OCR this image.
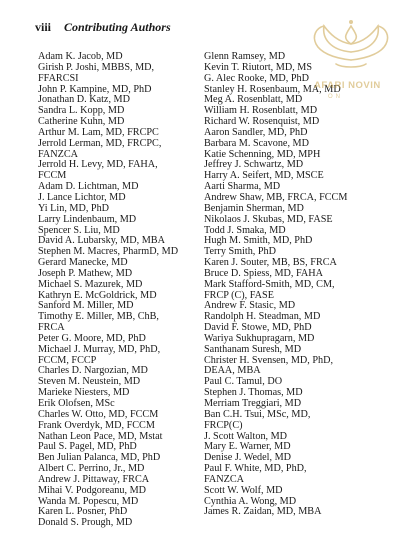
viii Contributing Authors
Adam K. Jacob, MD
Girish P. Joshi, MBBS, MD,
FFARCSI
John P. Kampine, MD, PhD
Jonathan D. Katz, MD
Sandra L. Kopp, MD
Catherine Kuhn, MD
Arthur M. Lam, MD, FRCPC
Jerrold Lerman, MD, FRCPC,
FANZCA
Jerrold H. Levy, MD, FAHA,
FCCM
Adam D. Lichtman, MD
J. Lance Lichtor, MD
Yi Lin, MD, PhD
Larry Lindenbaum, MD
Spencer S. Liu, MD
David A. Lubarsky, MD, MBA
Stephen M. Macres, PharmD, MD
Gerard Manecke, MD
Joseph P. Mathew, MD
Michael S. Mazurek, MD
Kathryn E. McGoldrick, MD
Sanford M. Miller, MD
Timothy E. Miller, MB, ChB,
FRCA
Peter G. Moore, MD, PhD
Michael J. Murray, MD, PhD,
FCCM, FCCP
Charles D. Nargozian, MD
Steven M. Neustein, MD
Marieke Niesters, MD
Erik Olofsen, MSc
Charles W. Otto, MD, FCCM
Frank Overdyk, MD, FCCM
Nathan Leon Pace, MD, Mstat
Paul S. Pagel, MD, PhD
Ben Julian Palanca, MD, PhD
Albert C. Perrino, Jr., MD
Andrew J. Pittaway, FRCA
Mihai V. Podgoreanu, MD
Wanda M. Popescu, MD
Karen L. Posner, PhD
Donald S. Prough, MD
Glenn Ramsey, MD
Kevin T. Riutort, MD, MS
G. Alec Rooke, MD, PhD
Stanley H. Rosenbaum, MA, MD
Meg A. Rosenblatt, MD
William H. Rosenblatt, MD
Richard W. Rosenquist, MD
Aaron Sandler, MD, PhD
Barbara M. Scavone, MD
Katie Schenning, MD, MPH
Jeffrey J. Schwartz, MD
Harry A. Seifert, MD, MSCE
Aarti Sharma, MD
Andrew Shaw, MB, FRCA, FCCM
Benjamin Sherman, MD
Nikolaos J. Skubas, MD, FASE
Todd J. Smaka, MD
Hugh M. Smith, MD, PhD
Terry Smith, PhD
Karen J. Souter, MB, BS, FRCA
Bruce D. Spiess, MD, FAHA
Mark Stafford-Smith, MD, CM,
FRCP (C), FASE
Andrew F. Stasic, MD
Randolph H. Steadman, MD
David F. Stowe, MD, PhD
Wariya Sukhupragarn, MD
Santhanam Suresh, MD
Christer H. Svensen, MD, PhD,
DEAA, MBA
Paul C. Tamul, DO
Stephen J. Thomas, MD
Merriam Treggiari, MD
Ban C.H. Tsui, MSc, MD,
FRCP(C)
J. Scott Walton, MD
Mary E. Warner, MD
Denise J. Wedel, MD
Paul F. White, MD, PhD,
FANZCA
Scott W. Wolf, MD
Cynthia A. Wong, MD
James R. Zaidan, MD, MBA
AFARI NOVIN
ON
